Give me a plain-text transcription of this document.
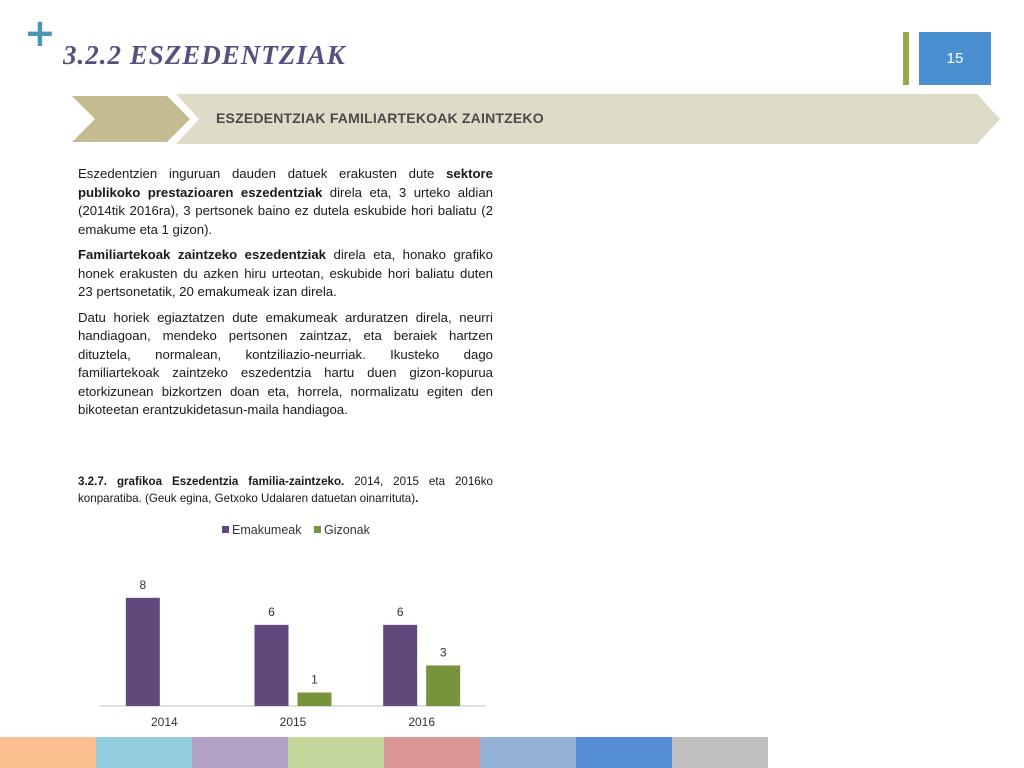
+ 3.2.2 ESZEDENTZIAK	15
ESZEDENTZIAK FAMILIARTEKOAK ZAINTZEKO

Eszedentzien inguruan dauden datuek erakusten dute sektore publikoko prestazioaren eszedentziak direla eta, 3 urteko aldian (2014tik 2016ra), 3 pertsonek baino ez dutela eskubide hori baliatu (2 emakume eta 1 gizon).

Familiartekoak zaintzeko eszedentziak direla eta, honako grafiko honek erakusten du azken hiru urteotan, eskubide hori baliatu duten 23 pertsonetatik, 20 emakumeak izan direla.

Datu horiek egiaztatzen dute emakumeak arduratzen direla, neurri handiagoan, mendeko pertsonen zaintzaz, eta beraiek hartzen dituztela, normalean, kontziliazio-neurriak. Ikusteko dago familiartekoak zaintzeko eszedentzia hartu duen gizon-kopurua etorkizunean bizkortzen doan eta, horrela, normalizatu egiten den bikoteetan erantzukidetasun-maila handiagoa.

3.2.7. grafikoa Eszedentzia familia-zaintzeko. 2014, 2015 eta 2016ko konparatiba. (Geuk egina, Getxoko Udalaren datuetan oinarrituta).
Emakumeak Gizonak
8
2014
6
1
2015
6
3
2016
